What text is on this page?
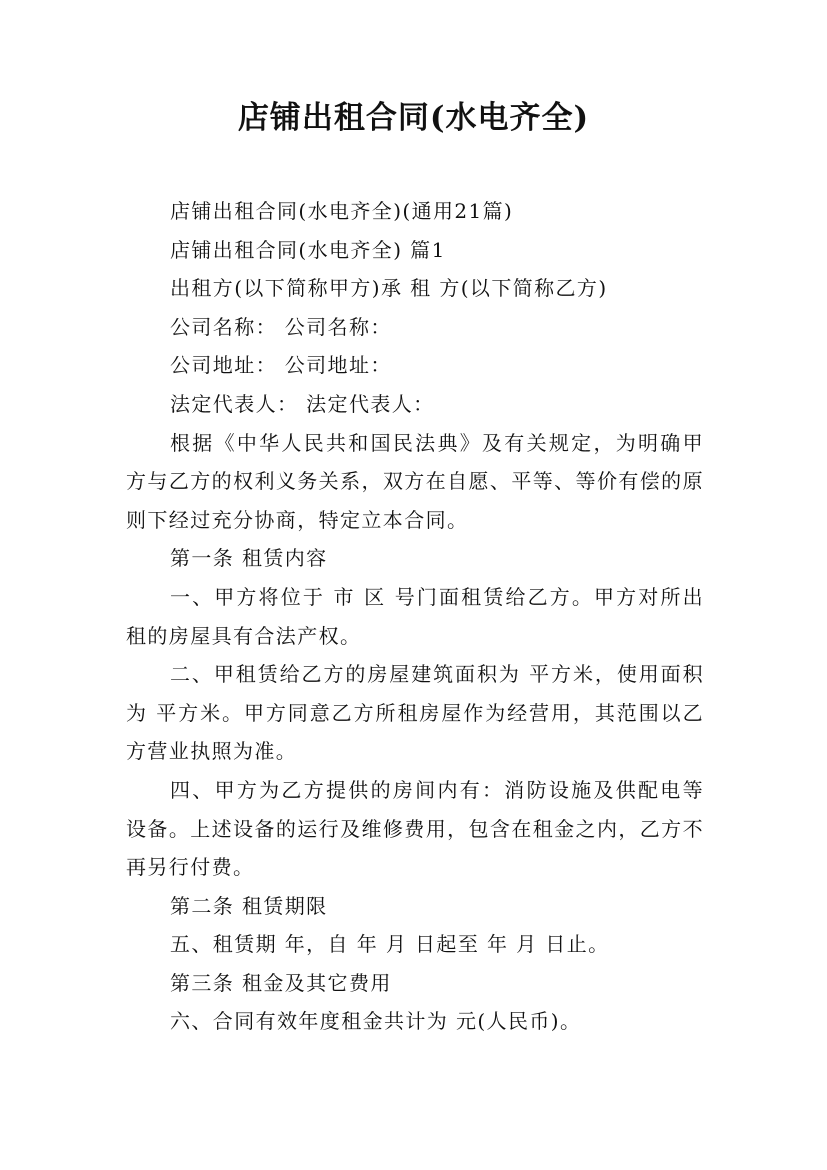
店铺出租合同(水电齐全)

店铺出租合同(水电齐全)(通用21篇)

店铺出租合同(水电齐全) 篇1

出租方(以下简称甲方)承 租 方(以下简称乙方)

公司名称： 公司名称：

公司地址： 公司地址：

法定代表人： 法定代表人：

根据《中华人民共和国民法典》及有关规定，为明确甲方与乙方的权利义务关系，双方在自愿、平等、等价有偿的原则下经过充分协商，特定立本合同。

第一条 租赁内容

一、甲方将位于 市 区 号门面租赁给乙方。甲方对所出租的房屋具有合法产权。

二、甲租赁给乙方的房屋建筑面积为 平方米，使用面积为 平方米。甲方同意乙方所租房屋作为经营用，其范围以乙方营业执照为准。

四、甲方为乙方提供的房间内有：消防设施及供配电等设备。上述设备的运行及维修费用，包含在租金之内，乙方不再另行付费。

第二条 租赁期限

五、租赁期 年，自 年 月 日起至 年 月 日止。

第三条 租金及其它费用

六、合同有效年度租金共计为 元(人民币)。
